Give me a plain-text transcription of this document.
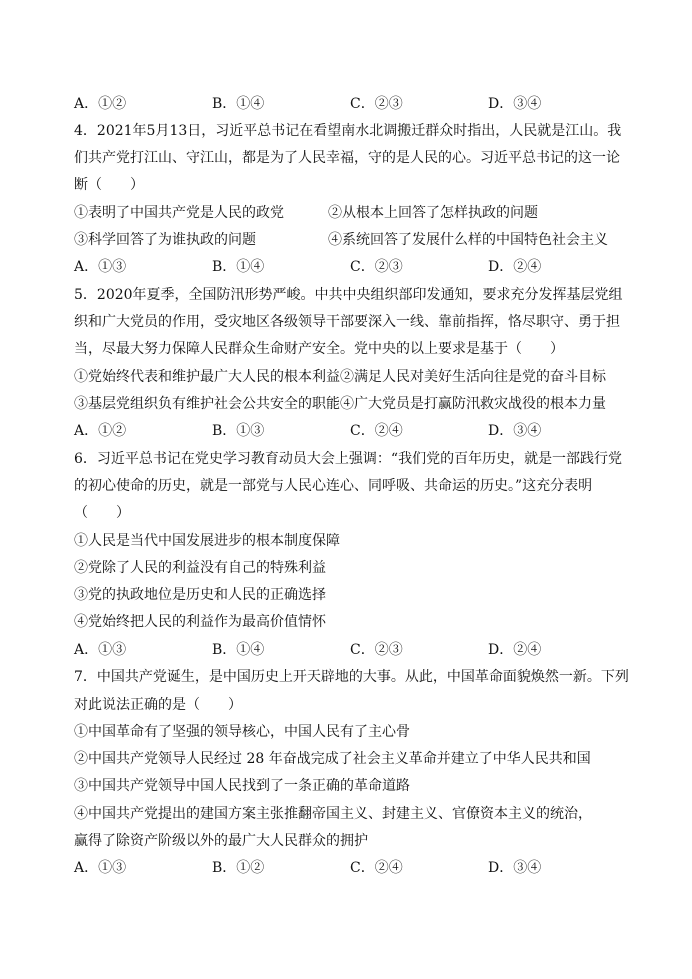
A．①②	B．①④	C．②③	D．③④
4．2021年5月13日，习近平总书记在看望南水北调搬迁群众时指出，人民就是江山。我
们共产党打江山、守江山，都是为了人民幸福，守的是人民的心。习近平总书记的这一论
断（　　）
①表明了中国共产党是人民的政党	②从根本上回答了怎样执政的问题
③科学回答了为谁执政的问题	④系统回答了发展什么样的中国特色社会主义
A．①③	B．①④	C．②③	D．②④
5．2020年夏季，全国防汛形势严峻。中共中央组织部印发通知，要求充分发挥基层党组
织和广大党员的作用，受灾地区各级领导干部要深入一线、靠前指挥，恪尽职守、勇于担
当，尽最大努力保障人民群众生命财产安全。党中央的以上要求是基于（　　）
①党始终代表和维护最广大人民的根本利益②满足人民对美好生活向往是党的奋斗目标
③基层党组织负有维护社会公共安全的职能④广大党员是打赢防汛救灾战役的根本力量
A．①②	B．①③	C．②④	D．③④
6．习近平总书记在党史学习教育动员大会上强调：“我们党的百年历史，就是一部践行党
的初心使命的历史，就是一部党与人民心连心、同呼吸、共命运的历史。”这充分表明
（　　）
①人民是当代中国发展进步的根本制度保障
②党除了人民的利益没有自己的特殊利益
③党的执政地位是历史和人民的正确选择
④党始终把人民的利益作为最高价值情怀
A．①③	B．①④	C．②③	D．②④
7．中国共产党诞生，是中国历史上开天辟地的大事。从此，中国革命面貌焕然一新。下列
对此说法正确的是（　　）
①中国革命有了坚强的领导核心，中国人民有了主心骨
②中国共产党领导人民经过 28 年奋战完成了社会主义革命并建立了中华人民共和国
③中国共产党领导中国人民找到了一条正确的革命道路
④中国共产党提出的建国方案主张推翻帝国主义、封建主义、官僚资本主义的统治，
赢得了除资产阶级以外的最广大人民群众的拥护
A．①③	B．①②	C．②④	D．③④
